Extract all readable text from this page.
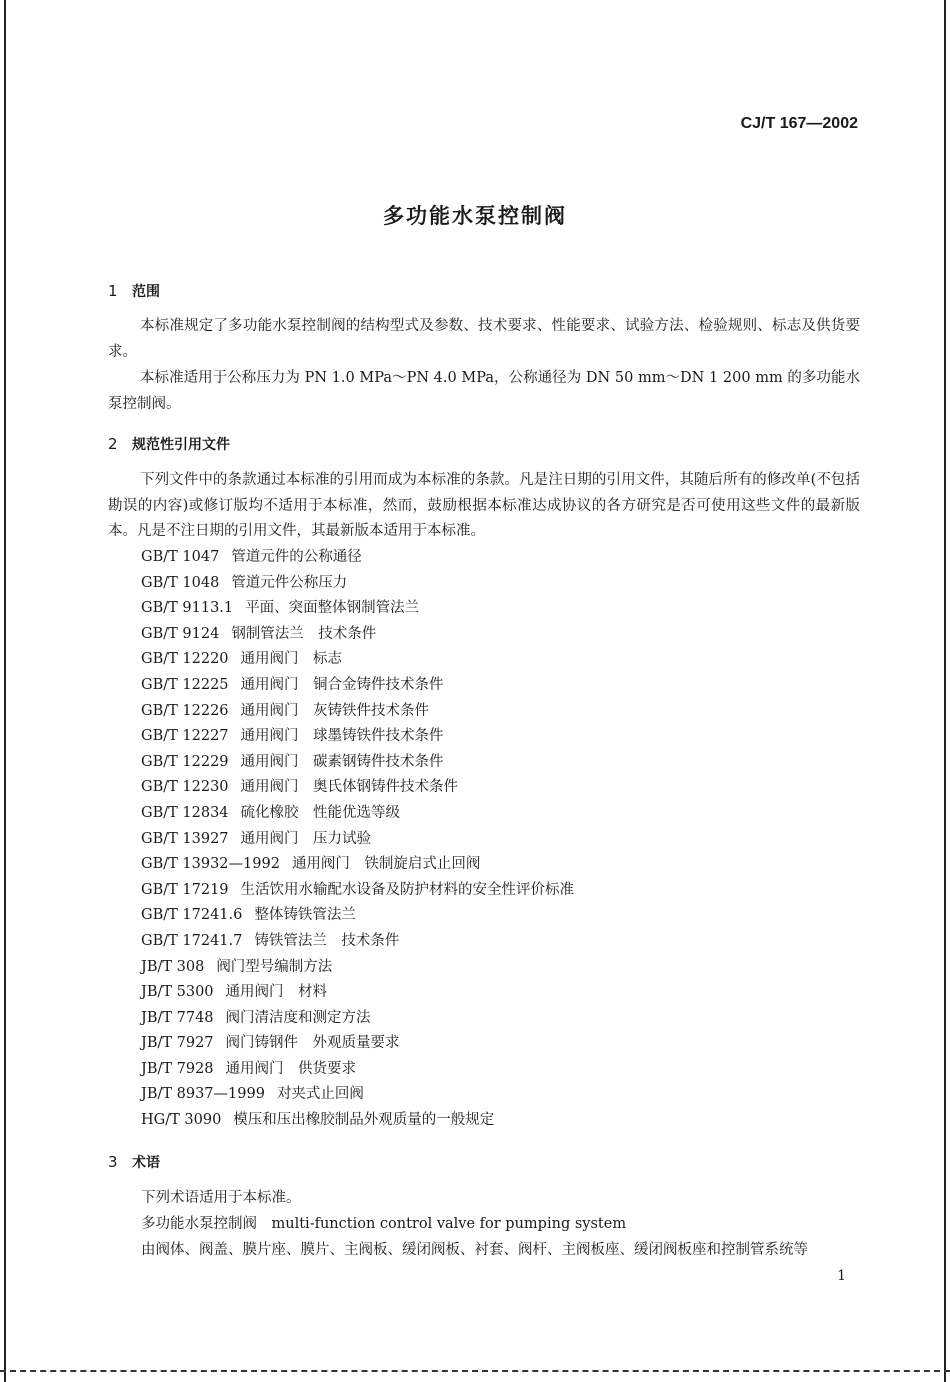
CJ/T 167—2002
多功能水泵控制阀
1 范围
本标准规定了多功能水泵控制阀的结构型式及参数、技术要求、性能要求、试验方法、检验规则、标志及供货要求。
本标准适用于公称压力为 PN 1.0 MPa～PN 4.0 MPa，公称通径为 DN 50 mm～DN 1 200 mm 的多功能水泵控制阀。
2 规范性引用文件
下列文件中的条款通过本标准的引用而成为本标准的条款。凡是注日期的引用文件，其随后所有的修改单(不包括勘误的内容)或修订版均不适用于本标准，然而，鼓励根据本标准达成协议的各方研究是否可使用这些文件的最新版本。凡是不注日期的引用文件，其最新版本适用于本标准。
GB/T 1047 管道元件的公称通径
GB/T 1048 管道元件公称压力
GB/T 9113.1 平面、突面整体钢制管法兰
GB/T 9124 钢制管法兰　技术条件
GB/T 12220 通用阀门　标志
GB/T 12225 通用阀门　铜合金铸件技术条件
GB/T 12226 通用阀门　灰铸铁件技术条件
GB/T 12227 通用阀门　球墨铸铁件技术条件
GB/T 12229 通用阀门　碳素钢铸件技术条件
GB/T 12230 通用阀门　奥氏体钢铸件技术条件
GB/T 12834 硫化橡胶　性能优选等级
GB/T 13927 通用阀门　压力试验
GB/T 13932—1992 通用阀门　铁制旋启式止回阀
GB/T 17219 生活饮用水输配水设备及防护材料的安全性评价标准
GB/T 17241.6 整体铸铁管法兰
GB/T 17241.7 铸铁管法兰　技术条件
JB/T 308 阀门型号编制方法
JB/T 5300 通用阀门　材料
JB/T 7748 阀门清洁度和测定方法
JB/T 7927 阀门铸钢件　外观质量要求
JB/T 7928 通用阀门　供货要求
JB/T 8937—1999 对夹式止回阀
HG/T 3090 模压和压出橡胶制品外观质量的一般规定
3 术语
下列术语适用于本标准。
多功能水泵控制阀　multi-function control valve for pumping system
由阀体、阀盖、膜片座、膜片、主阀板、缓闭阀板、衬套、阀杆、主阀板座、缓闭阀板座和控制管系统等
1
